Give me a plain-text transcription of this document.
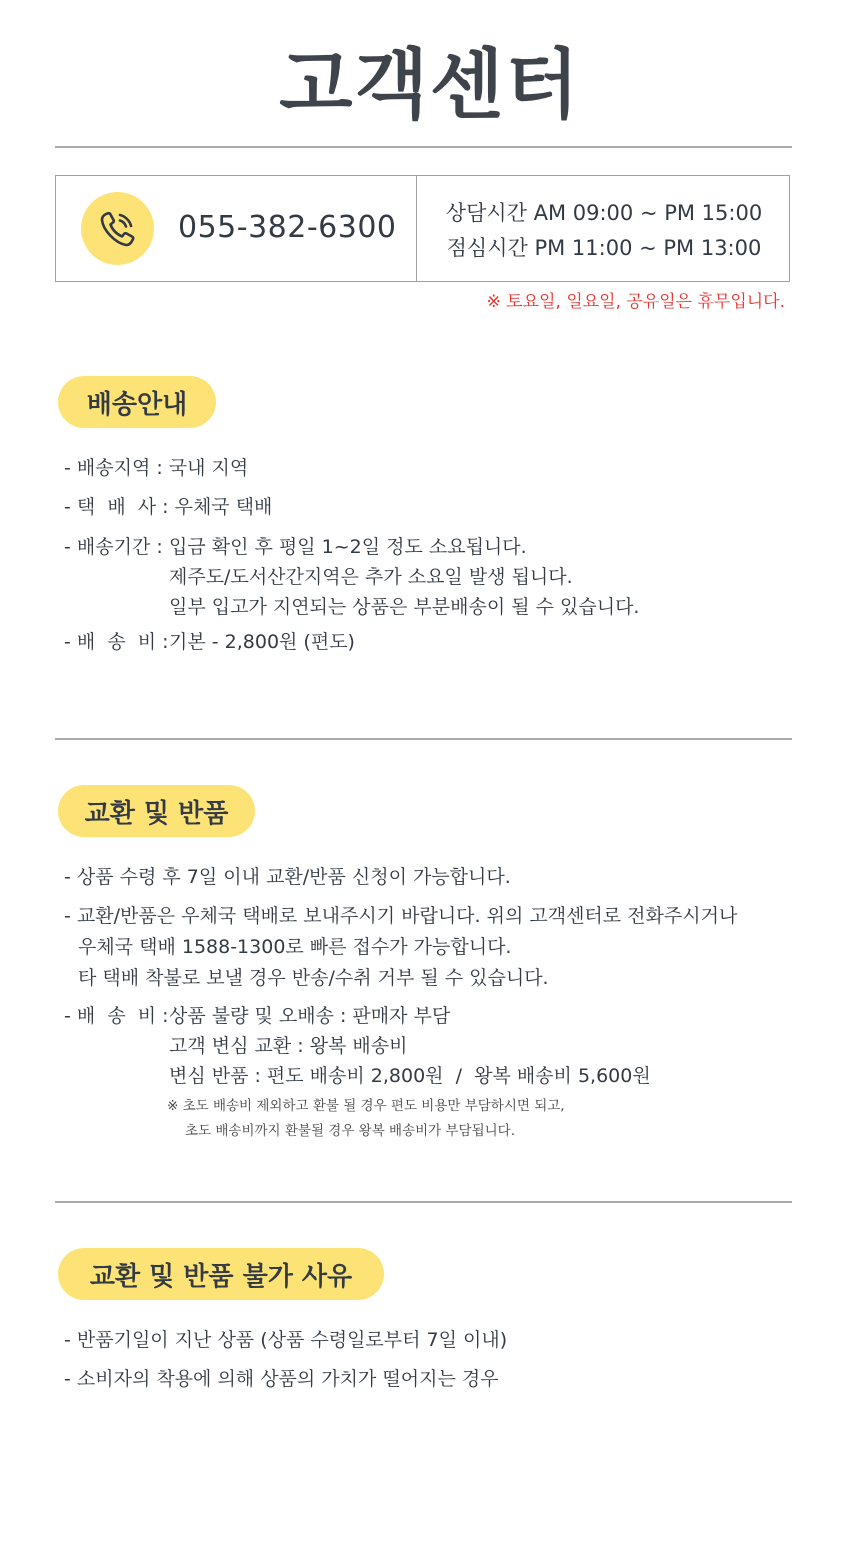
고객센터
055-382-6300	상담시간 AM 09:00 ~ PM 15:00
점심시간 PM 11:00 ~ PM 13:00
※ 토요일, 일요일, 공유일은 휴무입니다.
배송안내
- 배송지역 : 국내 지역
- 택  배  사 : 우체국 택배
- 배송기간 : 입금 확인 후 평일 1~2일 정도 소요됩니다.
제주도/도서산간지역은 추가 소요일 발생 됩니다.
일부 입고가 지연되는 상품은 부분배송이 될 수 있습니다.
- 배  송  비 : 기본 - 2,800원 (편도)
교환 및 반품
- 상품 수령 후 7일 이내 교환/반품 신청이 가능합니다.
- 교환/반품은 우체국 택배로 보내주시기 바랍니다. 위의 고객센터로 전화주시거나
우체국 택배 1588-1300로 빠른 접수가 가능합니다.
타 택배 착불로 보낼 경우 반송/수취 거부 될 수 있습니다.
- 배  송  비 : 상품 불량 및 오배송 : 판매자 부담
고객 변심 교환 : 왕복 배송비
변심 반품 : 편도 배송비 2,800원  /  왕복 배송비 5,600원
※ 초도 배송비 제외하고 환불 될 경우 편도 비용만 부담하시면 되고,
초도 배송비까지 환불될 경우 왕복 배송비가 부담됩니다.
교환 및 반품 불가 사유
- 반품기일이 지난 상품 (상품 수령일로부터 7일 이내)
- 소비자의 착용에 의해 상품의 가치가 떨어지는 경우
